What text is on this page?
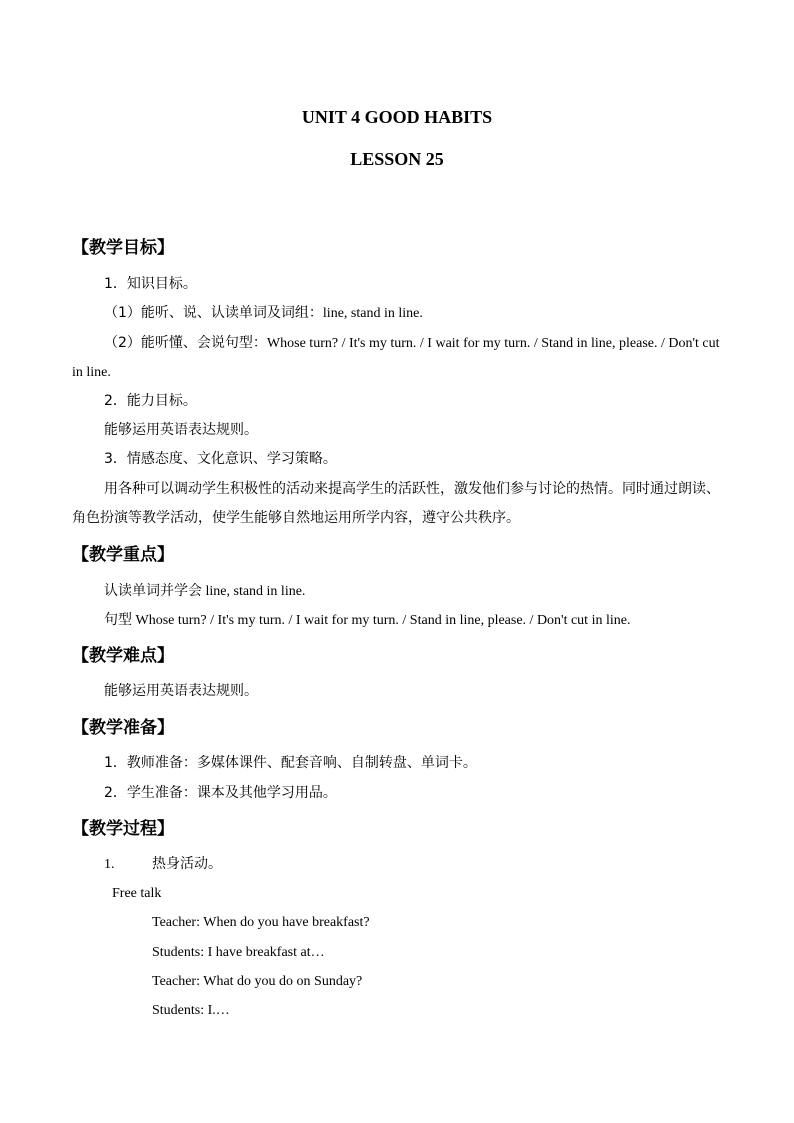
UNIT 4 GOOD HABITS
LESSON 25
【教学目标】
1．知识目标。
（1）能听、说、认读单词及词组：line, stand in line.
（2）能听懂、会说句型：Whose turn? / It's my turn. / I wait for my turn. / Stand in line, please. / Don't cut in line.
2．能力目标。
能够运用英语表达规则。
3．情感态度、文化意识、学习策略。
用各种可以调动学生积极性的活动来提高学生的活跃性，激发他们参与讨论的热情。同时通过朗读、角色扮演等教学活动，使学生能够自然地运用所学内容，遵守公共秩序。
【教学重点】
认读单词并学会 line, stand in line.
句型 Whose turn? / It's my turn. / I wait for my turn. / Stand in line, please. / Don't cut in line.
【教学难点】
能够运用英语表达规则。
【教学准备】
1．教师准备：多媒体课件、配套音响、自制转盘、单词卡。
2．学生准备：课本及其他学习用品。
【教学过程】
1.	热身活动。
Free talk
Teacher: When do you have breakfast?
Students: I have breakfast at…
Teacher: What do you do on Sunday?
Students: I.…
